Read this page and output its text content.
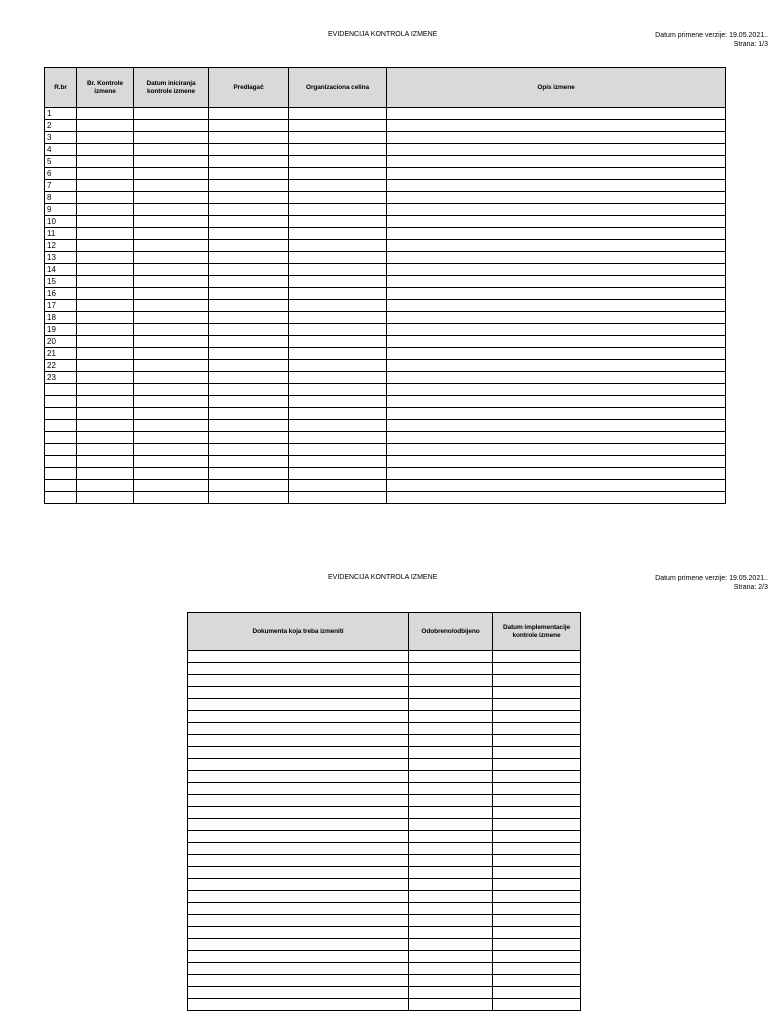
EVIDENCIJA KONTROLA IZMENE	Datum primene verzije: 19.05.2021..
Strana: 1/3
R.br	Br. Kontrole izmene	Datum iniciranja kontrole izmene	Predlagač	Organizaciona celina	Opis izmene
1					
2					
3					
4					
5					
6					
7					
8					
9					
10					
11					
12					
13					
14					
15					
16					
17					
18					
19					
20					
21					
22					
23					

EVIDENCIJA KONTROLA IZMENE	Datum primene verzije: 19.05.2021..
Strana: 2/3
Dokumenta koja treba izmeniti	Odobreno/odbijeno	Datum implementacije kontrole izmene
